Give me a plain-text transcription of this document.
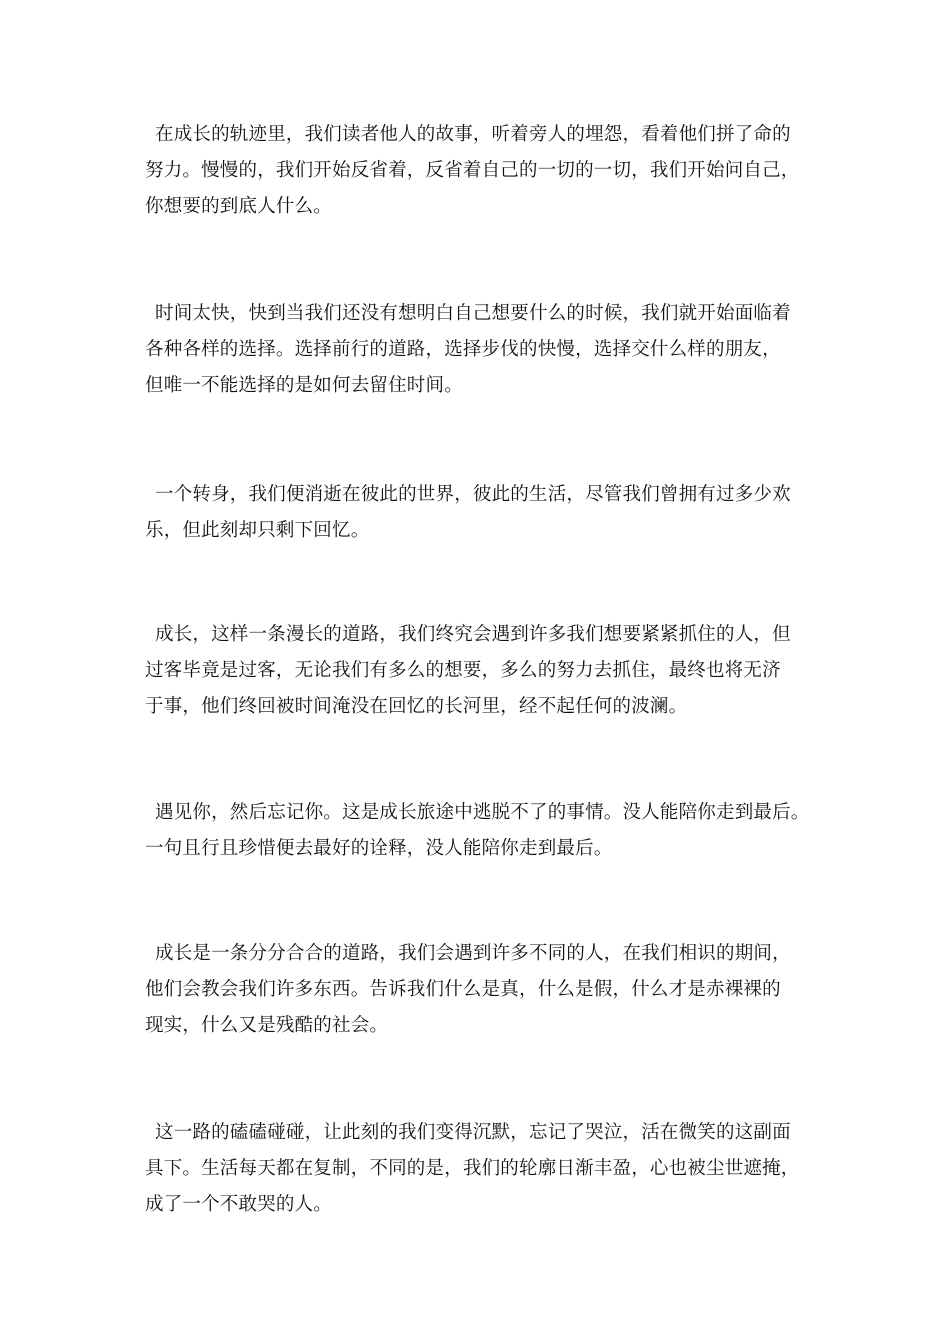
在成长的轨迹里，我们读者他人的故事，听着旁人的埋怨，看着他们拼了命的
努力。慢慢的，我们开始反省着，反省着自己的一切的一切，我们开始问自己，
你想要的到底人什么。
时间太快，快到当我们还没有想明白自己想要什么的时候，我们就开始面临着
各种各样的选择。选择前行的道路，选择步伐的快慢，选择交什么样的朋友，
但唯一不能选择的是如何去留住时间。
一个转身，我们便消逝在彼此的世界，彼此的生活，尽管我们曾拥有过多少欢
乐，但此刻却只剩下回忆。
成长，这样一条漫长的道路，我们终究会遇到许多我们想要紧紧抓住的人，但
过客毕竟是过客，无论我们有多么的想要，多么的努力去抓住，最终也将无济
于事，他们终回被时间淹没在回忆的长河里，经不起任何的波澜。
遇见你，然后忘记你。这是成长旅途中逃脱不了的事情。没人能陪你走到最后。
一句且行且珍惜便去最好的诠释，没人能陪你走到最后。
成长是一条分分合合的道路，我们会遇到许多不同的人，在我们相识的期间，
他们会教会我们许多东西。告诉我们什么是真，什么是假，什么才是赤裸裸的
现实，什么又是残酷的社会。
这一路的磕磕碰碰，让此刻的我们变得沉默，忘记了哭泣，活在微笑的这副面
具下。生活每天都在复制，不同的是，我们的轮廓日渐丰盈，心也被尘世遮掩，
成了一个不敢哭的人。
